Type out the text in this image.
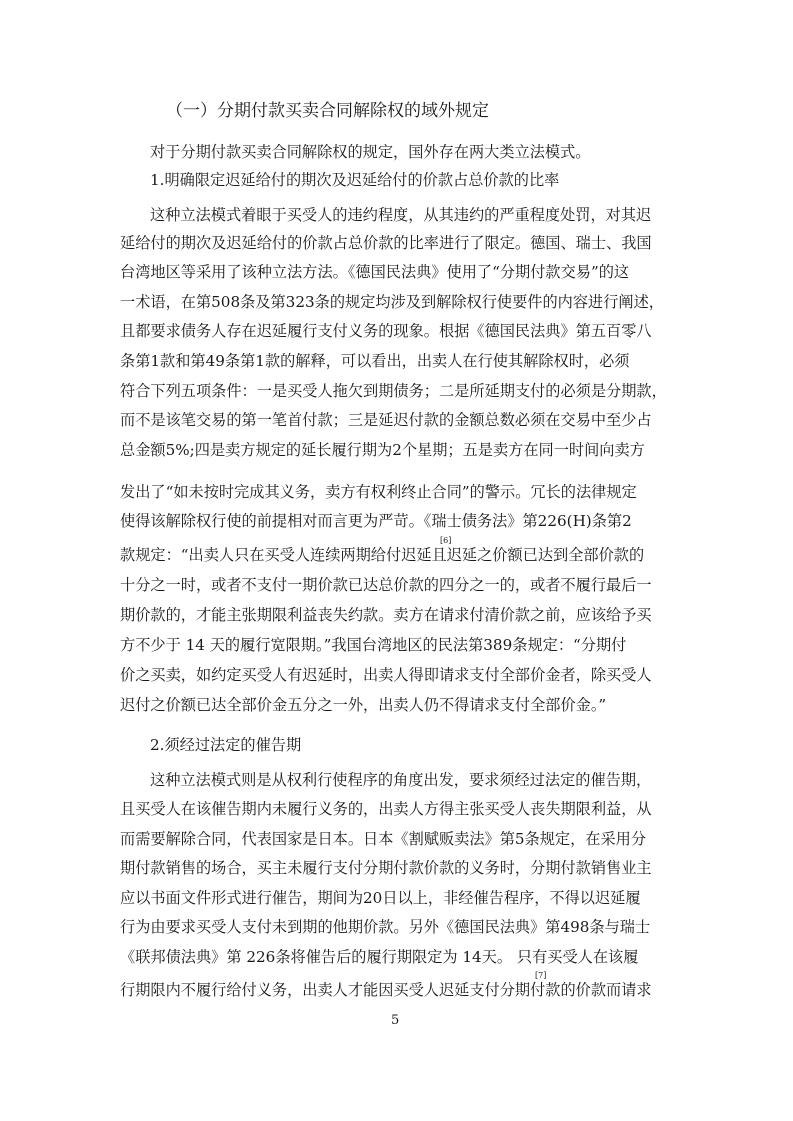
（一）分期付款买卖合同解除权的域外规定
对于分期付款买卖合同解除权的规定，国外存在两大类立法模式。
1.明确限定迟延给付的期次及迟延给付的价款占总价款的比率
这种立法模式着眼于买受人的违约程度，从其违约的严重程度处罚，对其迟
延给付的期次及迟延给付的价款占总价款的比率进行了限定。德国、瑞士、我国
台湾地区等采用了该种立法方法。《德国民法典》使用了“分期付款交易”的这
一术语，在第508条及第323条的规定均涉及到解除权行使要件的内容进行阐述，
且都要求债务人存在迟延履行支付义务的现象。根据《德国民法典》第五百零八
条第1款和第49条第1款的解释，可以看出，出卖人在行使其解除权时，必须
符合下列五项条件：一是买受人拖欠到期债务；二是所延期支付的必须是分期款，
而不是该笔交易的第一笔首付款；三是延迟付款的金额总数必须在交易中至少占
总金额5%;四是卖方规定的延长履行期为2个星期；五是卖方在同一时间向卖方
发出了“如未按时完成其义务，卖方有权利终止合同”的警示。冗长的法律规定
使得该解除权行使的前提相对而言更为严苛。《瑞士债务法》第226(H)条第2
[6]
款规定：“出卖人只在买受人连续两期给付迟延且迟延之价额已达到全部价款的
十分之一时，或者不支付一期价款已达总价款的四分之一的，或者不履行最后一
期价款的，才能主张期限利益丧失约款。卖方在请求付清价款之前，应该给予买
方不少于 14 天的履行宽限期。”我国台湾地区的民法第389条规定：“分期付
价之买卖，如约定买受人有迟延时，出卖人得即请求支付全部价金者，除买受人
迟付之价额已达全部价金五分之一外，出卖人仍不得请求支付全部价金。”
2.须经过法定的催告期
这种立法模式则是从权利行使程序的角度出发，要求须经过法定的催告期，
且买受人在该催告期内未履行义务的，出卖人方得主张买受人丧失期限利益，从
而需要解除合同，代表国家是日本。日本《割赋贩卖法》第5条规定，在采用分
期付款销售的场合，买主未履行支付分期付款价款的义务时，分期付款销售业主
应以书面文件形式进行催告，期间为20日以上，非经催告程序，不得以迟延履
行为由要求买受人支付未到期的他期价款。另外《德国民法典》第498条与瑞士
《联邦债法典》第 226条将催告后的履行期限定为 14天。 只有买受人在该履
[7]
行期限内不履行给付义务，出卖人才能因买受人迟延支付分期付款的价款而请求
5
